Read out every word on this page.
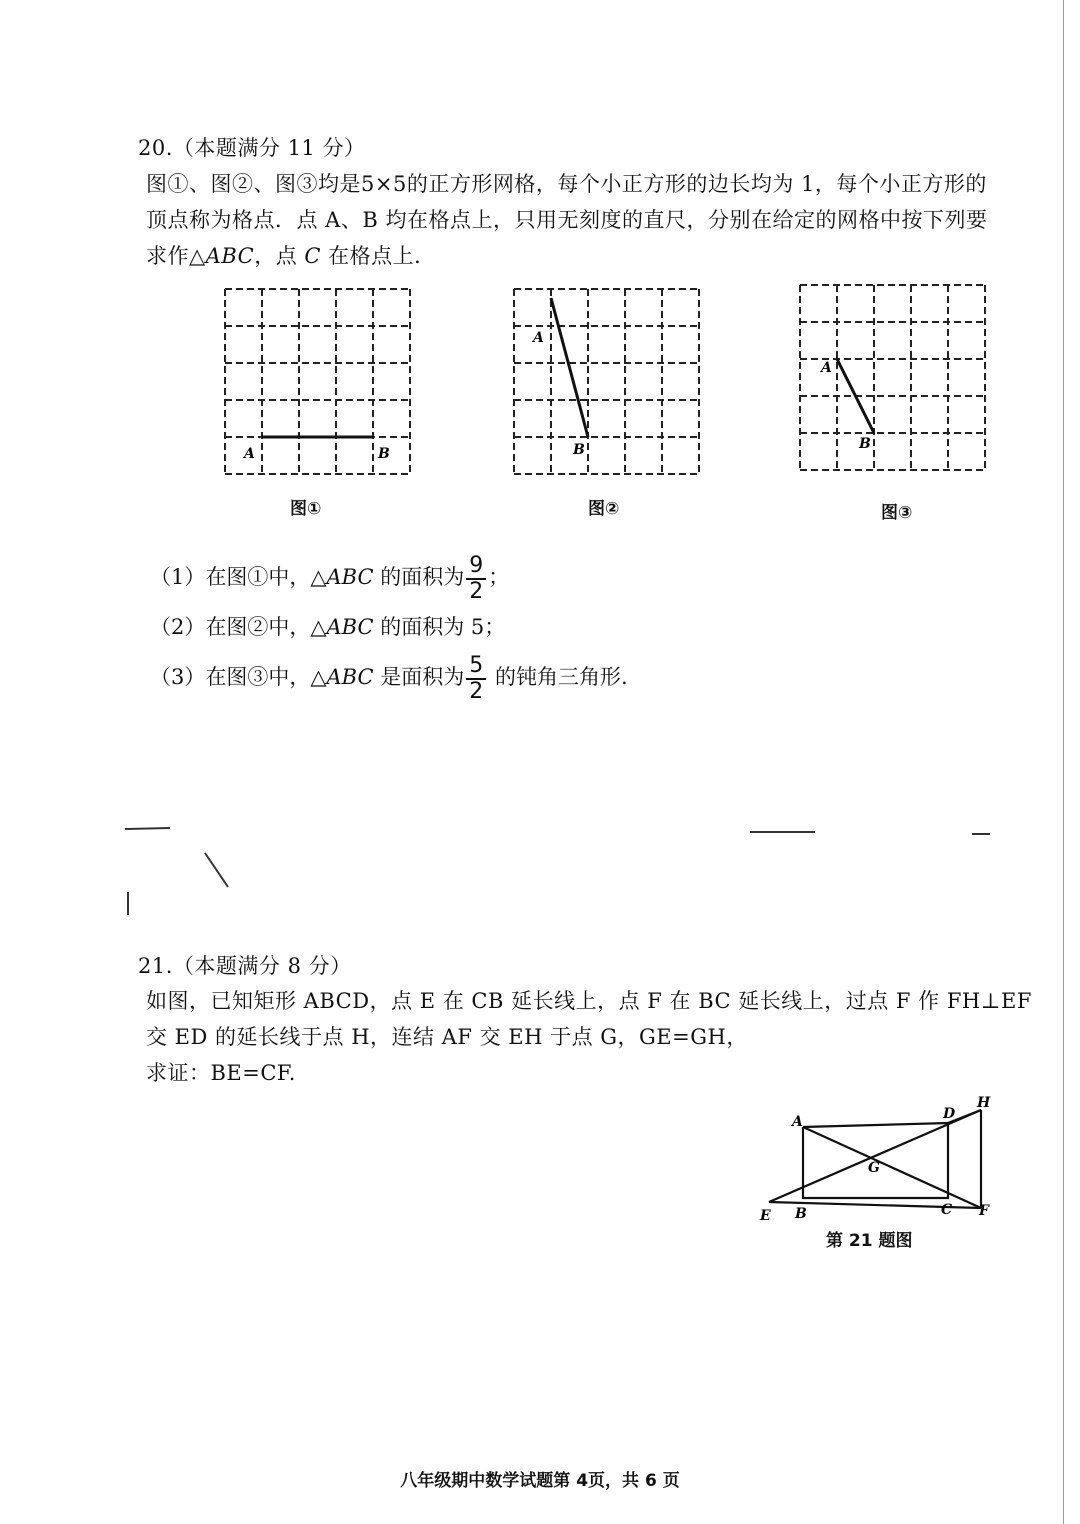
20.（本题满分 11 分）
图①、图②、图③均是5×5的正方形网格，每个小正方形的边长均为 1，每个小正方形的
顶点称为格点．点 A、B 均在格点上，只用无刻度的直尺，分别在给定的网格中按下列要
求作△ABC，点 C 在格点上．
A	B
图①
A
B
图②
A
B
图③
（1）在图①中，△ABC 的面积为 $\frac{9}{2}$ ；
（2）在图②中，△ABC 的面积为 5；
（3）在图③中，△ABC 是面积为 $\frac{5}{2}$ 的钝角三角形.
21.（本题满分 8 分）
如图，已知矩形 ABCD，点 E 在 CB 延长线上，点 F 在 BC 延长线上，过点 F 作 FH⊥EF
交 ED 的延长线于点 H，连结 AF 交 EH 于点 G，GE=GH，
求证：BE=CF.
A	D
H
G
E B	C F
第 21 题图
八年级期中数学试题第 4页，共 6 页
